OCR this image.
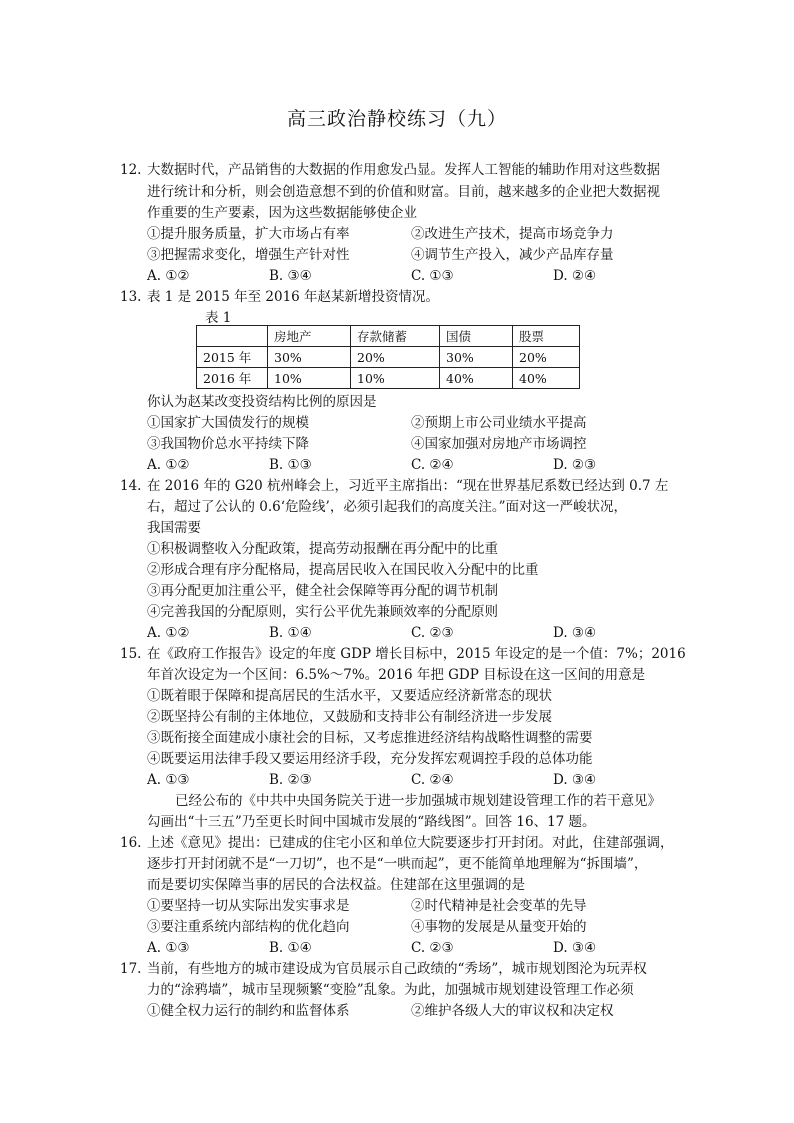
高三政治静校练习（九）
12. 大数据时代，产品销售的大数据的作用愈发凸显。发挥人工智能的辅助作用对这些数据
进行统计和分析，则会创造意想不到的价值和财富。目前，越来越多的企业把大数据视
作重要的生产要素，因为这些数据能够使企业
①提升服务质量，扩大市场占有率	②改进生产技术，提高市场竞争力
③把握需求变化，增强生产针对性	④调节生产投入，减少产品库存量
A. ①②	B. ③④	C. ①③	D. ②④
13. 表 1 是 2015 年至 2016 年赵某新增投资情况。
表 1
	房地产	存款储蓄	国债	股票
2015 年	30%	20%	30%	20%
2016 年	10%	10%	40%	40%
你认为赵某改变投资结构比例的原因是
①国家扩大国债发行的规模	②预期上市公司业绩水平提高
③我国物价总水平持续下降	④国家加强对房地产市场调控
A. ①②	B. ①③	C. ②④	D. ②③
14. 在 2016 年的 G20 杭州峰会上，习近平主席指出：“现在世界基尼系数已经达到 0.7 左
右，超过了公认的 0.6‘危险线’，必须引起我们的高度关注。”面对这一严峻状况，
我国需要
①积极调整收入分配政策，提高劳动报酬在再分配中的比重
②形成合理有序分配格局，提高居民收入在国民收入分配中的比重
③再分配更加注重公平，健全社会保障等再分配的调节机制
④完善我国的分配原则，实行公平优先兼顾效率的分配原则
A. ①②	B. ①④	C. ②③	D. ③④
15. 在《政府工作报告》设定的年度 GDP 增长目标中，2015 年设定的是一个值：7%；2016
年首次设定为一个区间：6.5%～7%。2016 年把 GDP 目标设在这一区间的用意是
①既着眼于保障和提高居民的生活水平，又要适应经济新常态的现状
②既坚持公有制的主体地位，又鼓励和支持非公有制经济进一步发展
③既衔接全面建成小康社会的目标，又考虑推进经济结构战略性调整的需要
④既要运用法律手段又要运用经济手段，充分发挥宏观调控手段的总体功能
A. ①③	B. ②③	C. ②④	D. ③④
已经公布的《中共中央国务院关于进一步加强城市规划建设管理工作的若干意见》
勾画出“十三五”乃至更长时间中国城市发展的“路线图”。回答 16、17 题。
16. 上述《意见》提出：已建成的住宅小区和单位大院要逐步打开封闭。对此，住建部强调，
逐步打开封闭就不是“一刀切”，也不是“一哄而起”，更不能简单地理解为“拆围墙”，
而是要切实保障当事的居民的合法权益。住建部在这里强调的是
①要坚持一切从实际出发实事求是	②时代精神是社会变革的先导
③要注重系统内部结构的优化趋向	④事物的发展是从量变开始的
A. ①③	B. ①④	C. ②③	D. ③④
17. 当前，有些地方的城市建设成为官员展示自己政绩的“秀场”，城市规划图沦为玩弄权
力的“涂鸦墙”，城市呈现频繁“变脸”乱象。为此，加强城市规划建设管理工作必须
①健全权力运行的制约和监督体系	②维护各级人大的审议权和决定权
